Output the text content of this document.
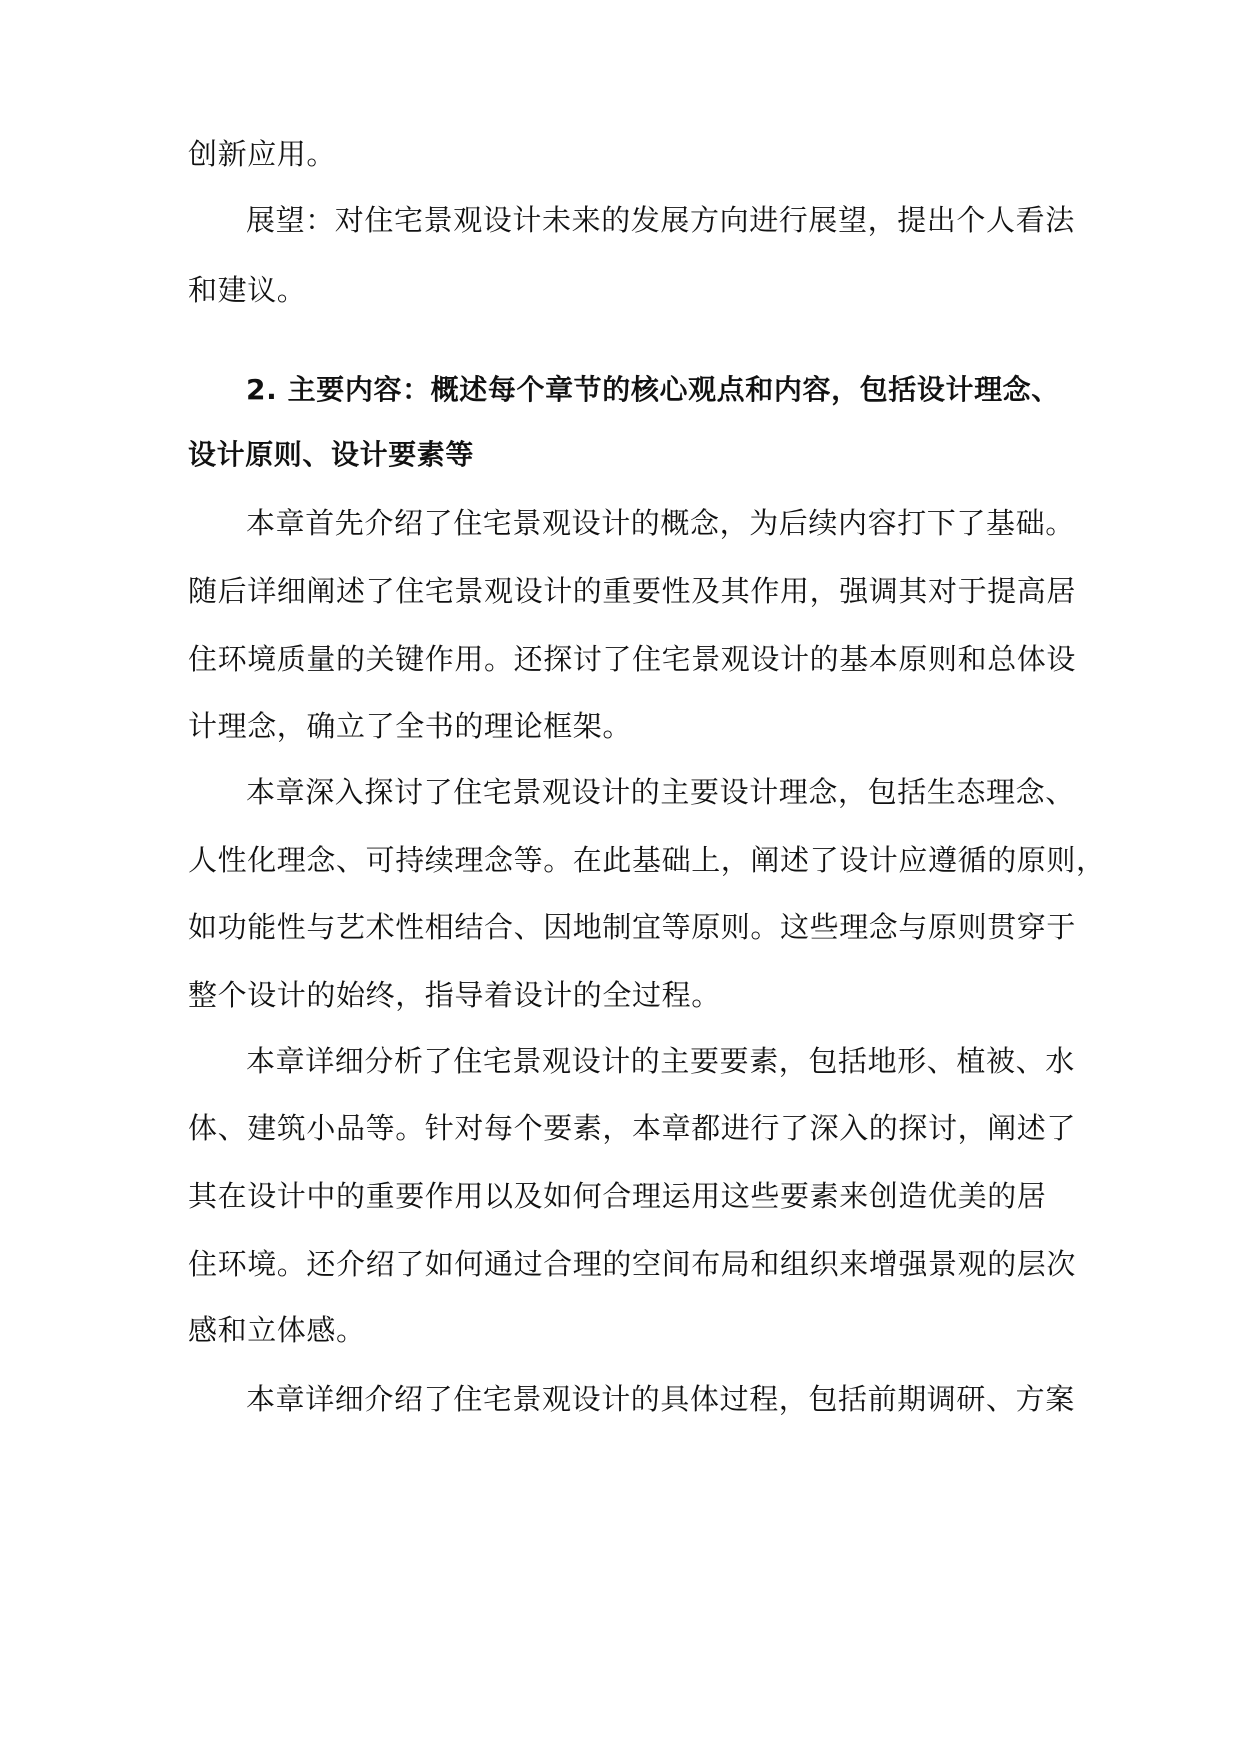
创新应用。
展望：对住宅景观设计未来的发展方向进行展望，提出个人看法
和建议。
2. 主要内容：概述每个章节的核心观点和内容，包括设计理念、
设计原则、设计要素等
本章首先介绍了住宅景观设计的概念，为后续内容打下了基础。
随后详细阐述了住宅景观设计的重要性及其作用，强调其对于提高居
住环境质量的关键作用。还探讨了住宅景观设计的基本原则和总体设
计理念，确立了全书的理论框架。
本章深入探讨了住宅景观设计的主要设计理念，包括生态理念、
人性化理念、可持续理念等。在此基础上，阐述了设计应遵循的原则，
如功能性与艺术性相结合、因地制宜等原则。这些理念与原则贯穿于
整个设计的始终，指导着设计的全过程。
本章详细分析了住宅景观设计的主要要素，包括地形、植被、水
体、建筑小品等。针对每个要素，本章都进行了深入的探讨，阐述了
其在设计中的重要作用以及如何合理运用这些要素来创造优美的居
住环境。还介绍了如何通过合理的空间布局和组织来增强景观的层次
感和立体感。
本章详细介绍了住宅景观设计的具体过程，包括前期调研、方案
